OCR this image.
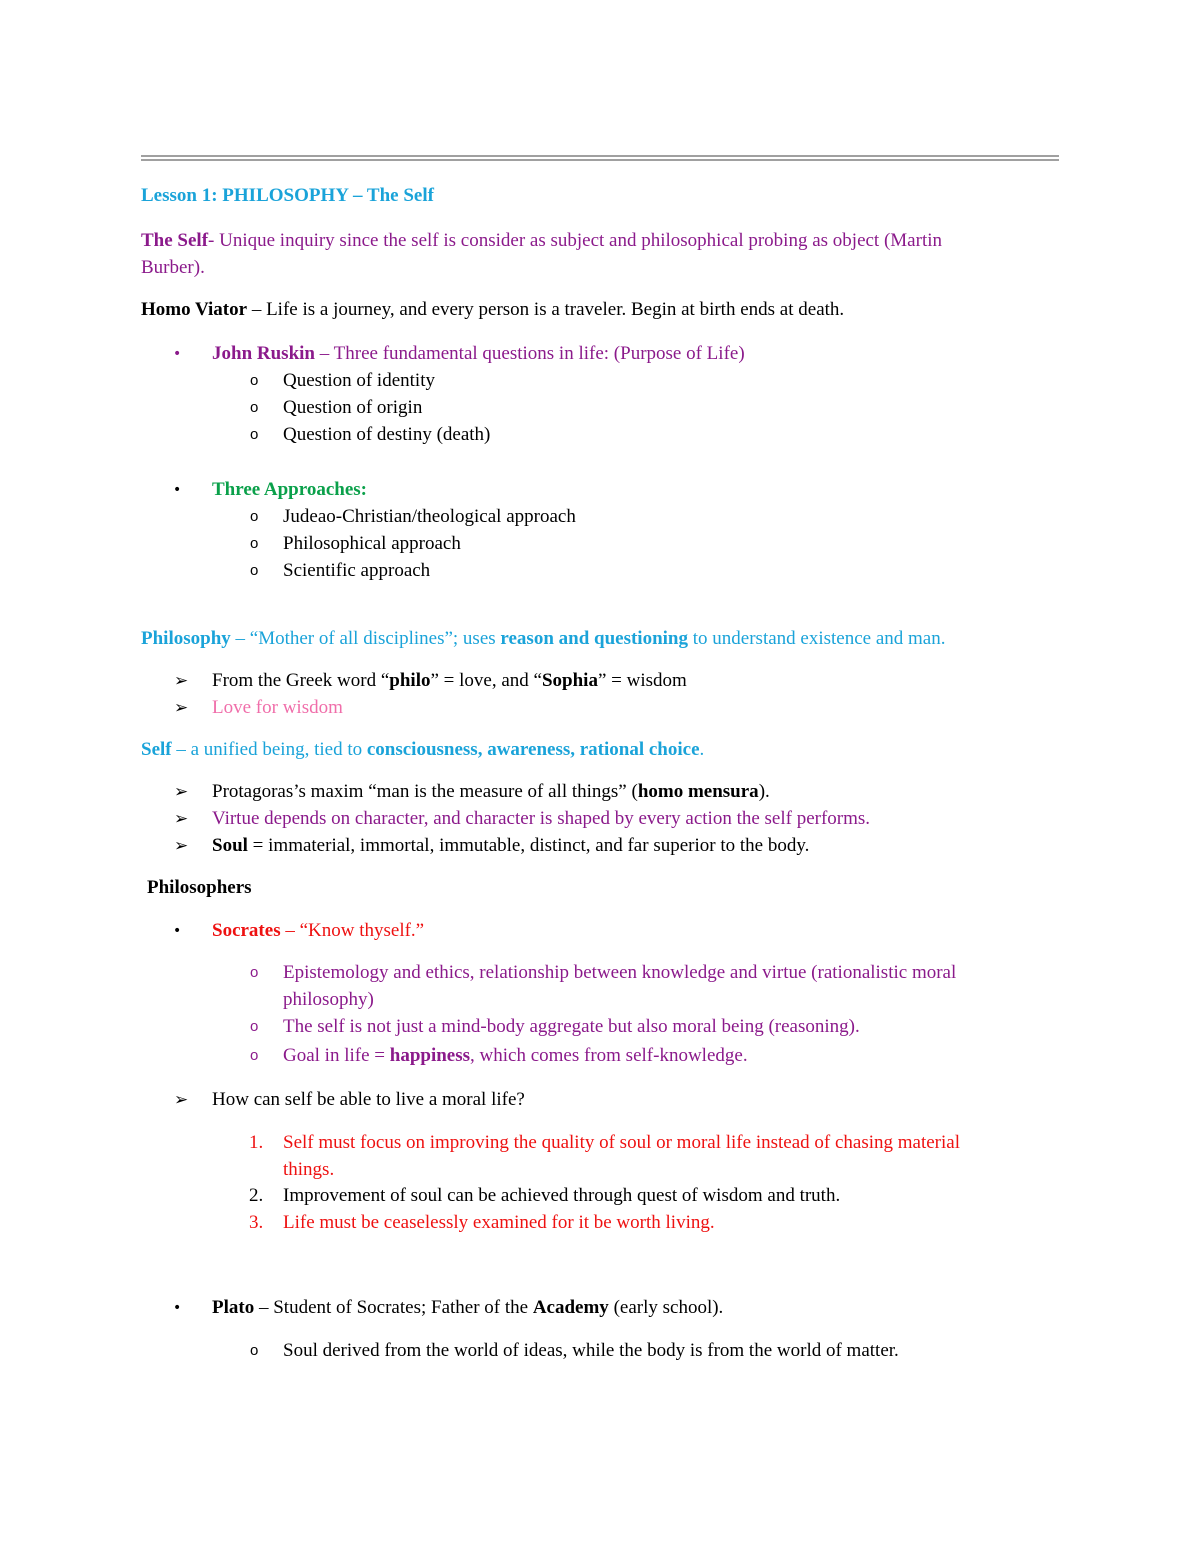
Lesson 1: PHILOSOPHY – The Self
The Self- Unique inquiry since the self is consider as subject and philosophical probing as object (Martin
Burber).
Homo Viator – Life is a journey, and every person is a traveler. Begin at birth ends at death.
• John Ruskin – Three fundamental questions in life: (Purpose of Life)
o Question of identity
o Question of origin
o Question of destiny (death)
• Three Approaches:
o Judeao-Christian/theological approach
o Philosophical approach
o Scientific approach
Philosophy – “Mother of all disciplines”; uses reason and questioning to understand existence and man.
➢ From the Greek word “philo” = love, and “Sophia” = wisdom
➢ Love for wisdom
Self – a unified being, tied to consciousness, awareness, rational choice.
➢ Protagoras’s maxim “man is the measure of all things” (homo mensura).
➢ Virtue depends on character, and character is shaped by every action the self performs.
➢ Soul = immaterial, immortal, immutable, distinct, and far superior to the body.
Philosophers
• Socrates – “Know thyself.”
o Epistemology and ethics, relationship between knowledge and virtue (rationalistic moral
philosophy)
o The self is not just a mind-body aggregate but also moral being (reasoning).
o Goal in life = happiness, which comes from self-knowledge.
➢ How can self be able to live a moral life?
1. Self must focus on improving the quality of soul or moral life instead of chasing material
things.
2. Improvement of soul can be achieved through quest of wisdom and truth.
3. Life must be ceaselessly examined for it be worth living.
• Plato – Student of Socrates; Father of the Academy (early school).
o Soul derived from the world of ideas, while the body is from the world of matter.
